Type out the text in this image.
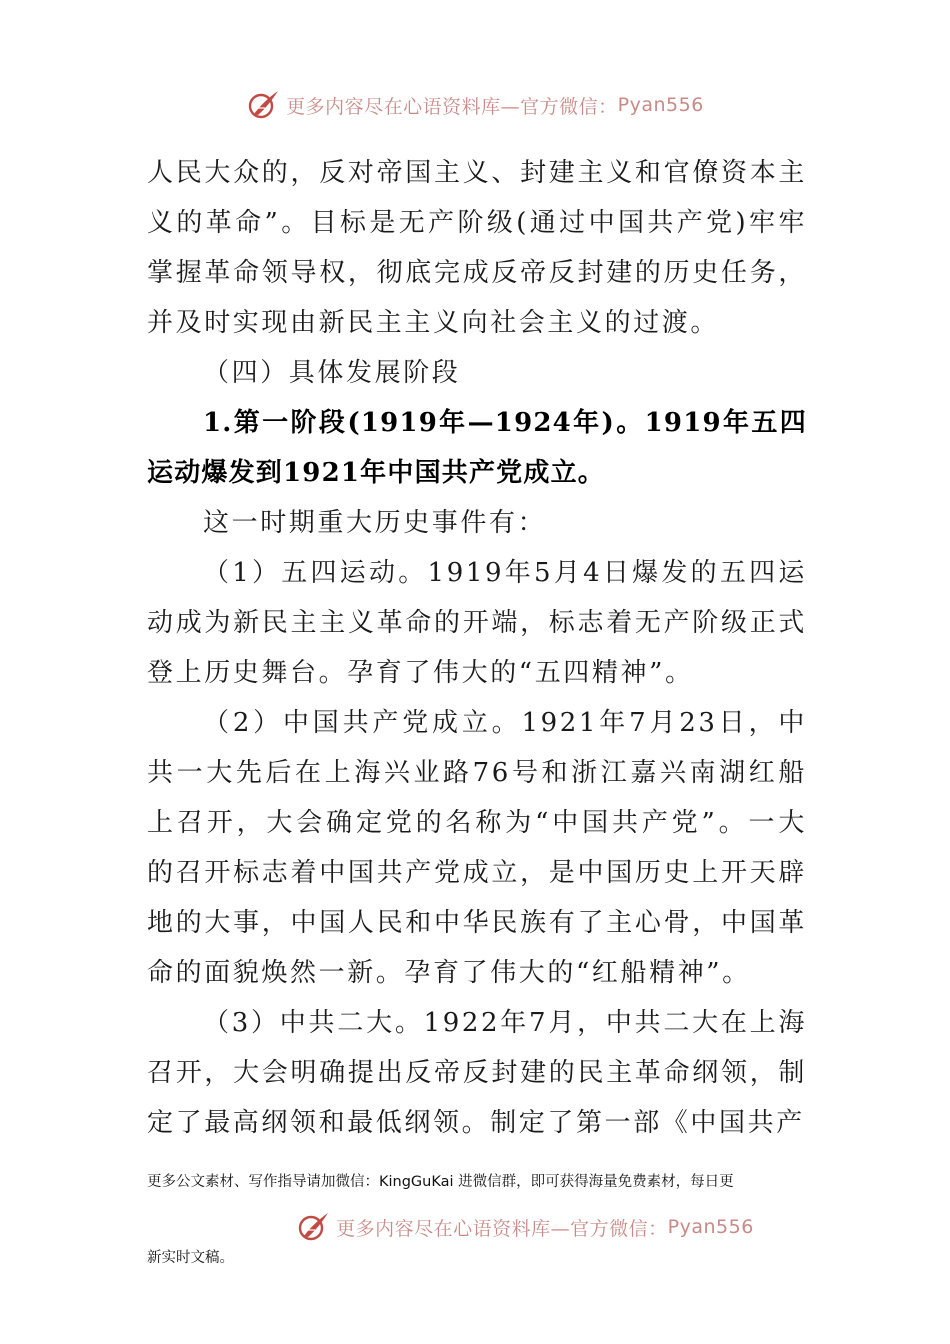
更多内容尽在心语资料库—官方微信： Pyan556

人民大众的，反对帝国主义、封建主义和官僚资本主义的革命”。目标是无产阶级(通过中国共产党)牢牢掌握革命领导权，彻底完成反帝反封建的历史任务，并及时实现由新民主主义向社会主义的过渡。

（四）具体发展阶段

1.第一阶段(1919年—1924年)。1919年五四运动爆发到1921年中国共产党成立。

这一时期重大历史事件有：

（1）五四运动。1919年5月4日爆发的五四运动成为新民主主义革命的开端，标志着无产阶级正式登上历史舞台。孕育了伟大的“五四精神”。

（2）中国共产党成立。1921年7月23日，中共一大先后在上海兴业路76号和浙江嘉兴南湖红船上召开，大会确定党的名称为“中国共产党”。一大的召开标志着中国共产党成立，是中国历史上开天辟地的大事，中国人民和中华民族有了主心骨，中国革命的面貌焕然一新。孕育了伟大的“红船精神”。

（3）中共二大。1922年7月，中共二大在上海召开，大会明确提出反帝反封建的民主革命纲领，制定了最高纲领和最低纲领。制定了第一部《中国共产

更多公文素材、写作指导请加微信：KingGuKai 进微信群，即可获得海量免费素材，每日更
新实时文稿。
更多内容尽在心语资料库—官方微信： Pyan556
